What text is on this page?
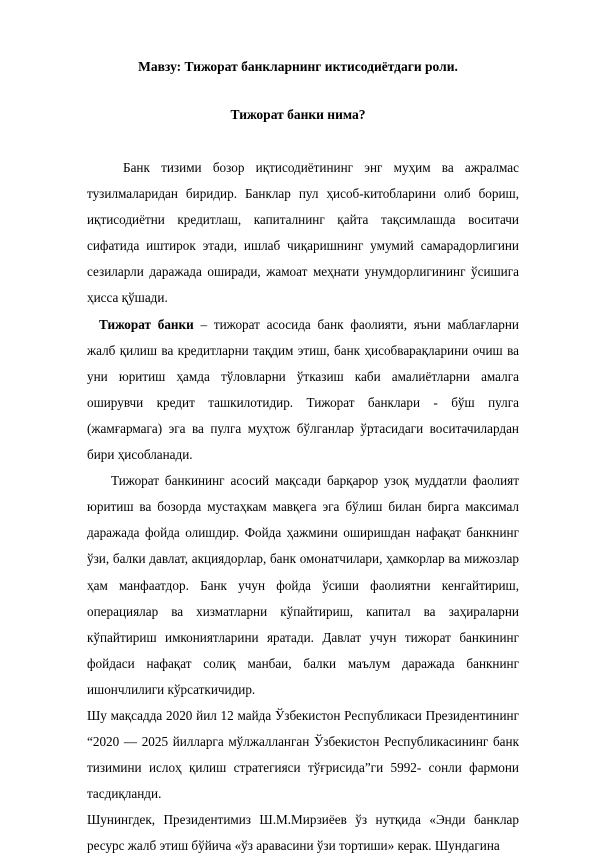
Мавзу: Тижорат банкларнинг иктисодиётдаги роли.
Тижорат банки нима?

Банк тизими бозор иқтисодиётининг энг муҳим ва ажралмас тузилмаларидан биридир. Банклар пул ҳисоб-китобларини олиб бориш, иқтисодиётни кредитлаш, капиталнинг қайта тақсимлашда воситачи сифатида иштирок этади, ишлаб чиқаришнинг умумий самарадорлигини сезиларли даражада оширади, жамоат меҳнати унумдорлигининг ўсишига ҳисса қўшади.

Тижорат банки – тижорат асосида банк фаолияти, яъни маблағларни жалб қилиш ва кредитларни тақдим этиш, банк ҳисобварақларини очиш ва уни юритиш ҳамда тўловларни ўтказиш каби амалиётларни амалга оширувчи кредит ташкилотидир. Тижорат банклари - бўш пулга (жамғармага) эга ва пулга муҳтож бўлганлар ўртасидаги воситачилардан бири ҳисобланади.

Тижорат банкининг асосий мақсади барқарор узоқ муддатли фаолият юритиш ва бозорда мустаҳкам мавқега эга бўлиш билан бирга максимал даражада фойда олишдир. Фойда ҳажмини оширишдан нафақат банкнинг ўзи, балки давлат, акциядорлар, банк омонатчилари, ҳамкорлар ва мижозлар ҳам манфаатдор. Банк учун фойда ўсиши фаолиятни кенгайтириш, операциялар ва хизматларни кўпайтириш, капитал ва заҳираларни кўпайтириш имкониятларини яратади. Давлат учун тижорат банкининг фойдаси нафақат солиқ манбаи, балки маълум даражада банкнинг ишончлилиги кўрсаткичидир.

Шу мақсадда 2020 йил 12 майда Ўзбекистон Республикаси Президентининг “2020 — 2025 йилларга мўлжалланган Ўзбекистон Республикасининг банк тизимини ислоҳ қилиш стратегияси тўғрисида”ги 5992- сонли фармони тасдиқланди.

Шунингдек, Президентимиз Ш.М.Мирзиёев ўз нутқида «Энди банклар ресурс жалб этиш бўйича «ўз аравасини ўзи тортиши» керак. Шундагина
